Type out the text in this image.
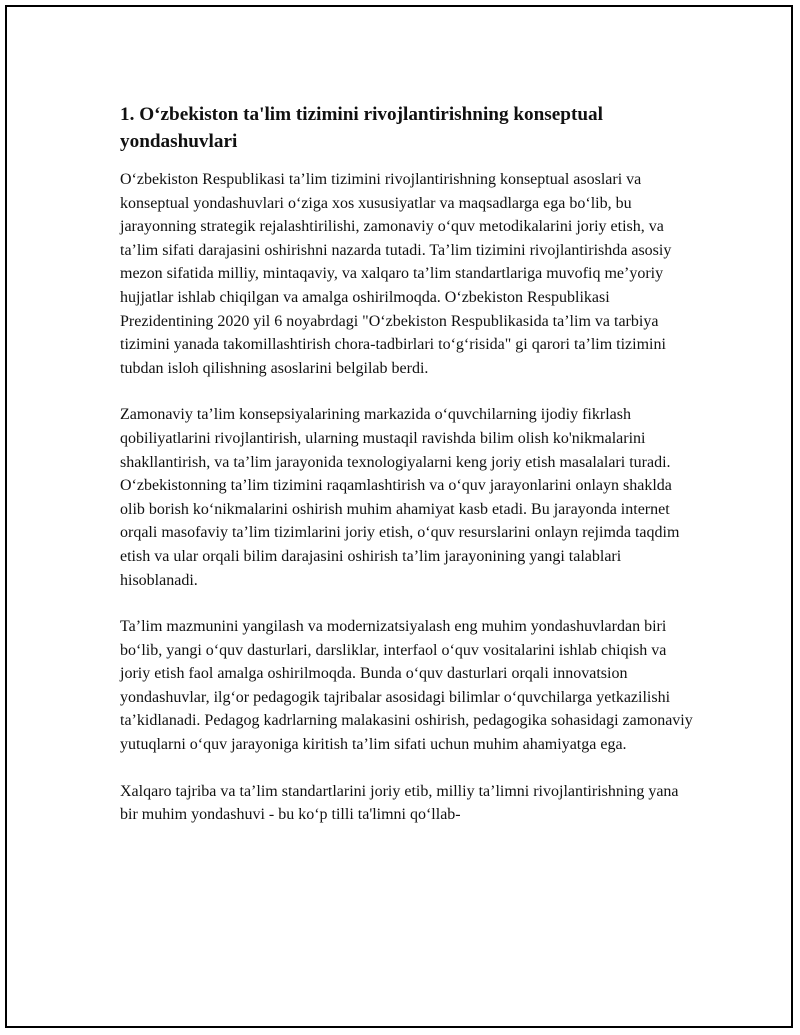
1. O‘zbekiston ta'lim tizimini rivojlantirishning konseptual yondashuvlari

O‘zbekiston Respublikasi ta’lim tizimini rivojlantirishning konseptual asoslari va konseptual yondashuvlari o‘ziga xos xususiyatlar va maqsadlarga ega bo‘lib, bu jarayonning strategik rejalashtirilishi, zamonaviy o‘quv metodikalarini joriy etish, va ta’lim sifati darajasini oshirishni nazarda tutadi. Ta’lim tizimini rivojlantirishda asosiy mezon sifatida milliy, mintaqaviy, va xalqaro ta’lim standartlariga muvofiq me’yoriy hujjatlar ishlab chiqilgan va amalga oshirilmoqda. O‘zbekiston Respublikasi Prezidentining 2020 yil 6 noyabrdagi "O‘zbekiston Respublikasida ta’lim va tarbiya tizimini yanada takomillashtirish chora-tadbirlari to‘g‘risida" gi qarori ta’lim tizimini tubdan isloh qilishning asoslarini belgilab berdi.

Zamonaviy ta’lim konsepsiyalarining markazida o‘quvchilarning ijodiy fikrlash qobiliyatlarini rivojlantirish, ularning mustaqil ravishda bilim olish ko'nikmalarini shakllantirish, va ta’lim jarayonida texnologiyalarni keng joriy etish masalalari turadi. O‘zbekistonning ta’lim tizimini raqamlashtirish va o‘quv jarayonlarini onlayn shaklda olib borish ko‘nikmalarini oshirish muhim ahamiyat kasb etadi. Bu jarayonda internet orqali masofaviy ta’lim tizimlarini joriy etish, o‘quv resurslarini onlayn rejimda taqdim etish va ular orqali bilim darajasini oshirish ta’lim jarayonining yangi talablari hisoblanadi.

Ta’lim mazmunini yangilash va modernizatsiyalash eng muhim yondashuvlardan biri bo‘lib, yangi o‘quv dasturlari, darsliklar, interfaol o‘quv vositalarini ishlab chiqish va joriy etish faol amalga oshirilmoqda. Bunda o‘quv dasturlari orqali innovatsion yondashuvlar, ilg‘or pedagogik tajribalar asosidagi bilimlar o‘quvchilarga yetkazilishi ta’kidlanadi. Pedagog kadrlarning malakasini oshirish, pedagogika sohasidagi zamonaviy yutuqlarni o‘quv jarayoniga kiritish ta’lim sifati uchun muhim ahamiyatga ega.

Xalqaro tajriba va ta’lim standartlarini joriy etib, milliy ta’limni rivojlantirishning yana bir muhim yondashuvi - bu ko‘p tilli ta'limni qo‘llab-
